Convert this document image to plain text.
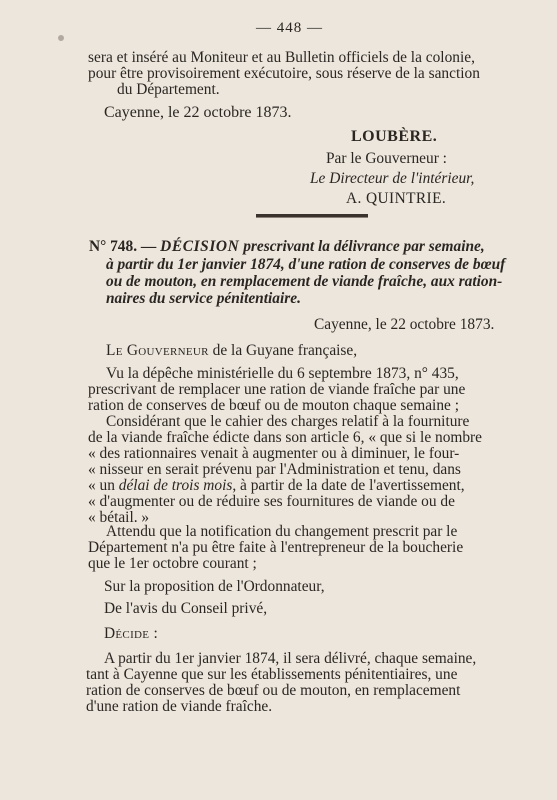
— 448 —
sera et inséré au Moniteur et au Bulletin officiels de la colonie,
pour être provisoirement exécutoire, sous réserve de la sanction
du Département.
Cayenne, le 22 octobre 1873.
LOUBÈRE.
Par le Gouverneur :
Le Directeur de l'intérieur,
A. QUINTRIE.
N° 748. — DÉCISION prescrivant la délivrance par semaine,
à partir du 1er janvier 1874, d'une ration de conserves de bœuf
ou de mouton, en remplacement de viande fraîche, aux ration-
naires du service pénitentiaire.
Cayenne, le 22 octobre 1873.
Le Gouverneur de la Guyane française,
Vu la dépêche ministérielle du 6 septembre 1873, n° 435,
prescrivant de remplacer une ration de viande fraîche par une
ration de conserves de bœuf ou de mouton chaque semaine ;
Considérant que le cahier des charges relatif à la fourniture
de la viande fraîche édicte dans son article 6, « que si le nombre
« des rationnaires venait à augmenter ou à diminuer, le four-
« nisseur en serait prévenu par l'Administration et tenu, dans
« un délai de trois mois, à partir de la date de l'avertissement,
« d'augmenter ou de réduire ses fournitures de viande ou de
« bétail. »
Attendu que la notification du changement prescrit par le
Département n'a pu être faite à l'entrepreneur de la boucherie
que le 1er octobre courant ;
Sur la proposition de l'Ordonnateur,
De l'avis du Conseil privé,
Décide :
A partir du 1er janvier 1874, il sera délivré, chaque semaine,
tant à Cayenne que sur les établissements pénitentiaires, une
ration de conserves de bœuf ou de mouton, en remplacement
d'une ration de viande fraîche.
